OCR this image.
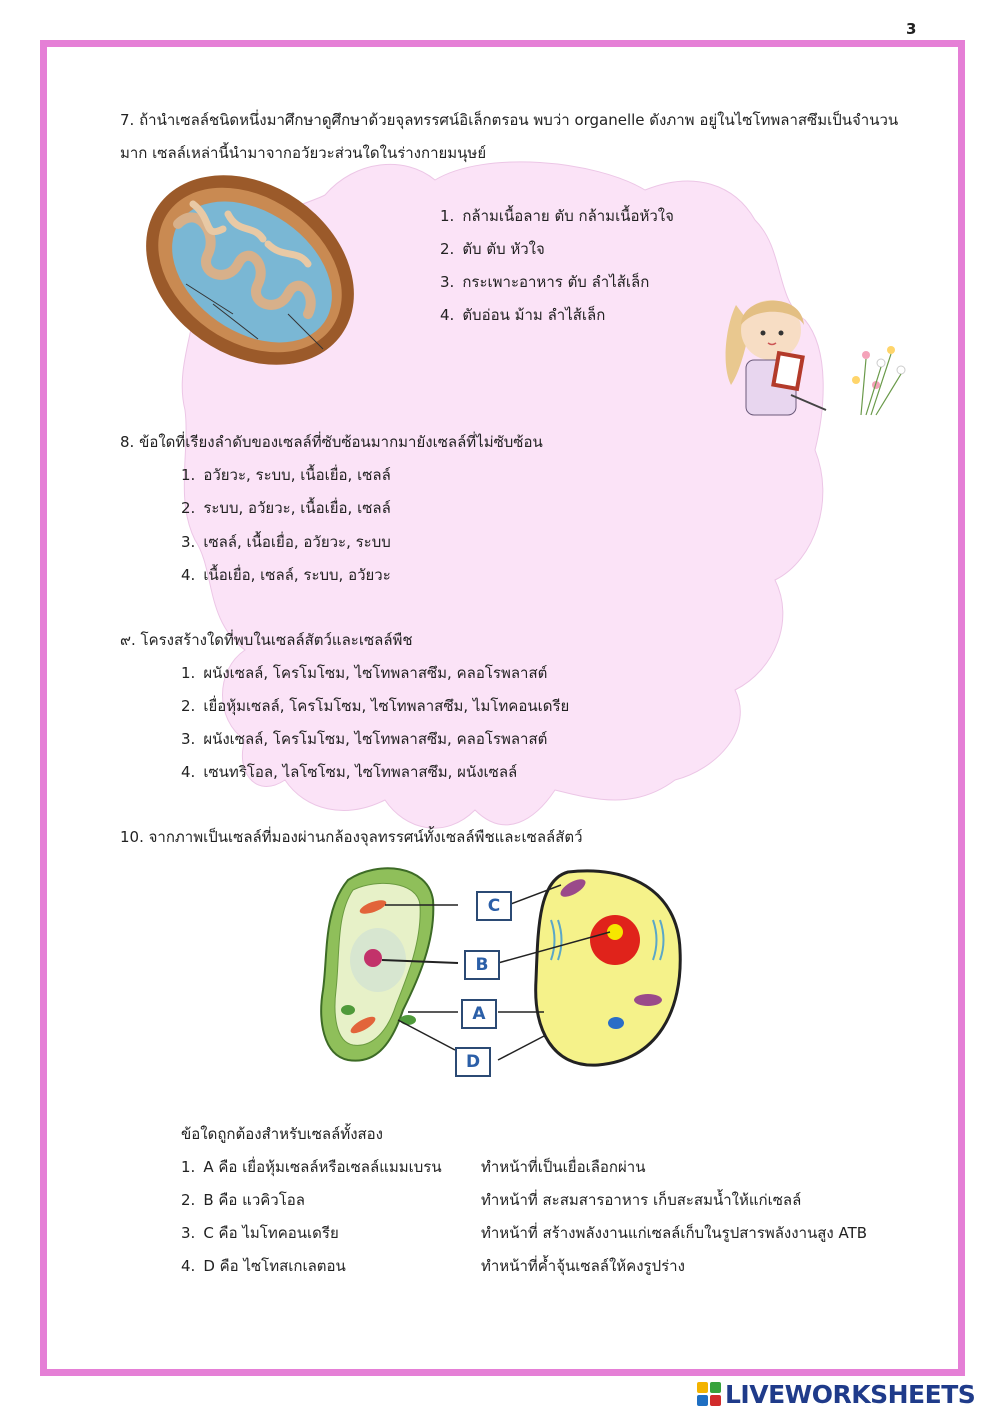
3
7. ถ้านำเซลล์ชนิดหนึ่งมาศึกษาดูศึกษาด้วยจุลทรรศน์อิเล็กตรอน พบว่า organelle ดังภาพ อยู่ในไซโทพลาสซึมเป็นจำนวนมาก เซลล์เหล่านี้นำมาจากอวัยวะส่วนใดในร่างกายมนุษย์
1. กล้ามเนื้อลาย ตับ กล้ามเนื้อหัวใจ
2. ตับ ตับ หัวใจ
3. กระเพาะอาหาร ตับ ลำไส้เล็ก
4. ตับอ่อน ม้าม ลำไส้เล็ก
8. ข้อใดที่เรียงลำดับของเซลล์ที่ซับซ้อนมากมายังเซลล์ที่ไม่ซับซ้อน
1. อวัยวะ, ระบบ, เนื้อเยื่อ, เซลล์
2. ระบบ, อวัยวะ, เนื้อเยื่อ, เซลล์
3. เซลล์, เนื้อเยื่อ, อวัยวะ, ระบบ
4. เนื้อเยื่อ, เซลล์, ระบบ, อวัยวะ
๙. โครงสร้างใดที่พบในเซลล์สัตว์และเซลล์พืช
1. ผนังเซลล์, โครโมโซม, ไซโทพลาสซึม, คลอโรพลาสต์
2. เยื่อหุ้มเซลล์, โครโมโซม, ไซโทพลาสซึม, ไมโทคอนเดรีย
3. ผนังเซลล์, โครโมโซม, ไซโทพลาสซึม, คลอโรพลาสต์
4. เซนทริโอล, ไลโซโซม, ไซโทพลาสซึม, ผนังเซลล์
10. จากภาพเป็นเซลล์ที่มองผ่านกล้องจุลทรรศน์ทั้งเซลล์พืชและเซลล์สัตว์
C
B
A
D
ข้อใดถูกต้องสำหรับเซลล์ทั้งสอง
1. A คือ เยื่อหุ้มเซลล์หรือเซลล์แมมเบรน	ทำหน้าที่เป็นเยื่อเลือกผ่าน
2. B คือ แวคิวโอล	ทำหน้าที่ สะสมสารอาหาร เก็บสะสมน้ำให้แก่เซลล์
3. C คือ ไมโทคอนเดรีย	ทำหน้าที่ สร้างพลังงานแก่เซลล์เก็บในรูปสารพลังงานสูง ATB
4. D คือ ไซโทสเกเลตอน	ทำหน้าที่ค้ำจุ้นเซลล์ให้คงรูปร่าง
LIVEWORKSHEETS
